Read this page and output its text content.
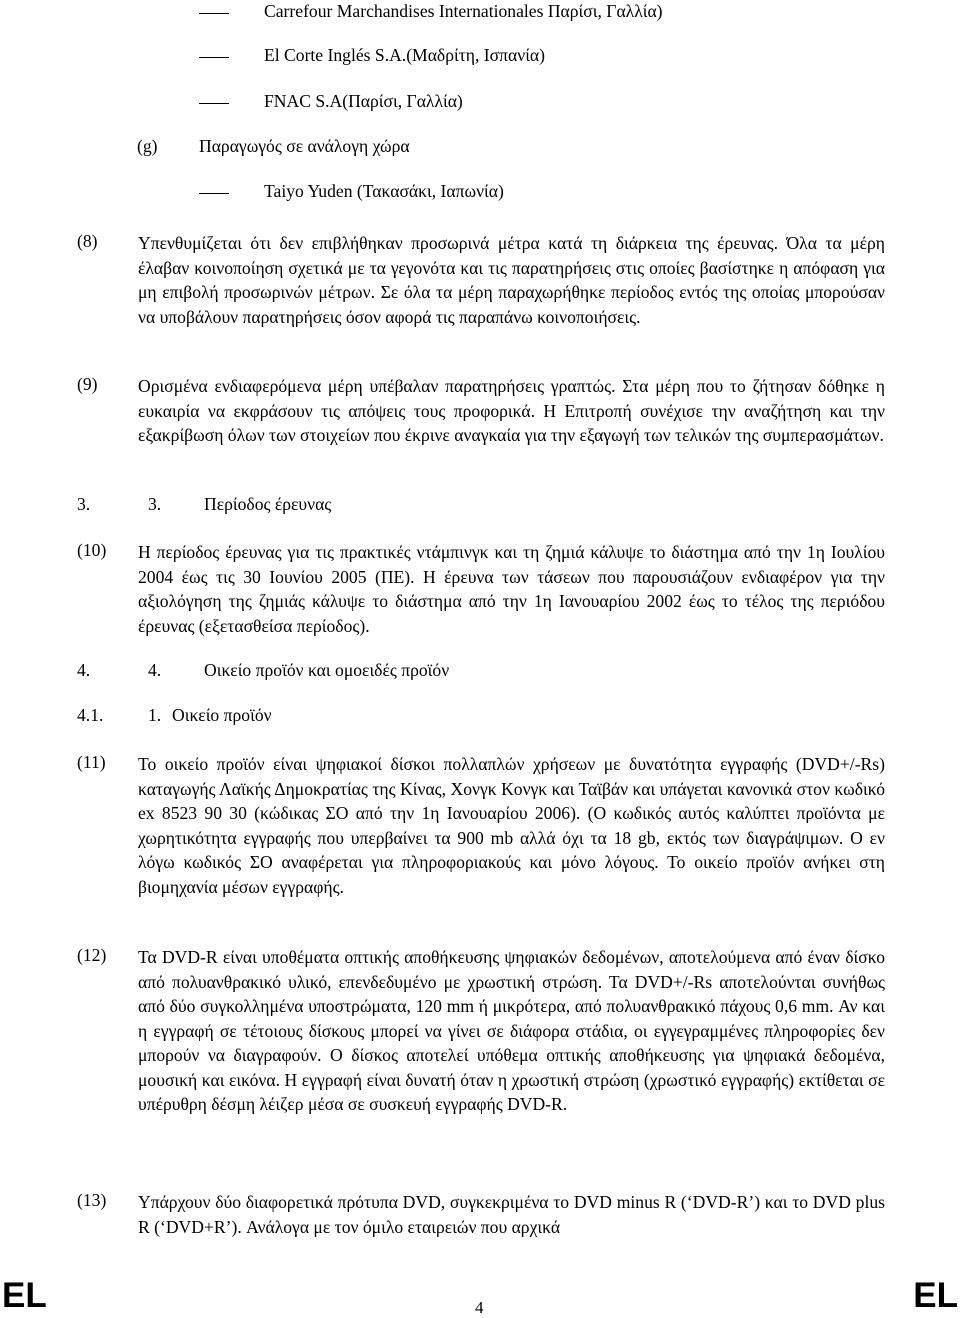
Carrefour Marchandises Internationales Παρίσι, Γαλλία)
El Corte Inglés S.A.(Μαδρίτη, Ισπανία)
FNAC S.A(Παρίσι, Γαλλία)
(g) Παραγωγός σε ανάλογη χώρα
Taiyo Yuden (Τακασάκι, Ιαπωνία)
(8) Υπενθυμίζεται ότι δεν επιβλήθηκαν προσωρινά μέτρα κατά τη διάρκεια της έρευνας. Όλα τα μέρη έλαβαν κοινοποίηση σχετικά με τα γεγονότα και τις παρατηρήσεις στις οποίες βασίστηκε η απόφαση για μη επιβολή προσωρινών μέτρων. Σε όλα τα μέρη παραχωρήθηκε περίοδος εντός της οποίας μπορούσαν να υποβάλουν παρατηρήσεις όσον αφορά τις παραπάνω κοινοποιήσεις.
(9) Ορισμένα ενδιαφερόμενα μέρη υπέβαλαν παρατηρήσεις γραπτώς. Στα μέρη που το ζήτησαν δόθηκε η ευκαιρία να εκφράσουν τις απόψεις τους προφορικά. Η Επιτροπή συνέχισε την αναζήτηση και την εξακρίβωση όλων των στοιχείων που έκρινε αναγκαία για την εξαγωγή των τελικών της συμπερασμάτων.
3.	3. Περίοδος έρευνας
(10) Η περίοδος έρευνας για τις πρακτικές ντάμπινγκ και τη ζημιά κάλυψε το διάστημα από την 1η Ιουλίου 2004 έως τις 30 Ιουνίου 2005 (ΠΕ). Η έρευνα των τάσεων που παρουσιάζουν ενδιαφέρον για την αξιολόγηση της ζημιάς κάλυψε το διάστημα από την 1η Ιανουαρίου 2002 έως το τέλος της περιόδου έρευνας (εξετασθείσα περίοδος).
4.	4. Οικείο προϊόν και ομοειδές προϊόν
4.1.	1. Οικείο προϊόν
(11) Το οικείο προϊόν είναι ψηφιακοί δίσκοι πολλαπλών χρήσεων με δυνατότητα εγγραφής (DVD+/-Rs) καταγωγής Λαϊκής Δημοκρατίας της Κίνας, Χονγκ Κονγκ και Ταϊβάν και υπάγεται κανονικά στον κωδικό ex 8523 90 30 (κώδικας ΣΟ από την 1η Ιανουαρίου 2006). (Ο κωδικός αυτός καλύπτει προϊόντα με χωρητικότητα εγγραφής που υπερβαίνει τα 900 mb αλλά όχι τα 18 gb, εκτός των διαγράψιμων. Ο εν λόγω κωδικός ΣΟ αναφέρεται για πληροφοριακούς και μόνο λόγους. Το οικείο προϊόν ανήκει στη βιομηχανία μέσων εγγραφής.
(12) Τα DVD-R είναι υποθέματα οπτικής αποθήκευσης ψηφιακών δεδομένων, αποτελούμενα από έναν δίσκο από πολυανθρακικό υλικό, επενδεδυμένο με χρωστική στρώση. Τα DVD+/-Rs αποτελούνται συνήθως από δύο συγκολλημένα υποστρώματα, 120 mm ή μικρότερα, από πολυανθρακικό πάχους 0,6 mm. Αν και η εγγραφή σε τέτοιους δίσκους μπορεί να γίνει σε διάφορα στάδια, οι εγγεγραμμένες πληροφορίες δεν μπορούν να διαγραφούν. Ο δίσκος αποτελεί υπόθεμα οπτικής αποθήκευσης για ψηφιακά δεδομένα, μουσική και εικόνα. Η εγγραφή είναι δυνατή όταν η χρωστική στρώση (χρωστικό εγγραφής) εκτίθεται σε υπέρυθρη δέσμη λέιζερ μέσα σε συσκευή εγγραφής DVD-R.
(13) Υπάρχουν δύο διαφορετικά πρότυπα DVD, συγκεκριμένα το DVD minus R (‘DVD-R’) και το DVD plus R (‘DVD+R’). Ανάλογα με τον όμιλο εταιρειών που αρχικά
EL	4	EL
